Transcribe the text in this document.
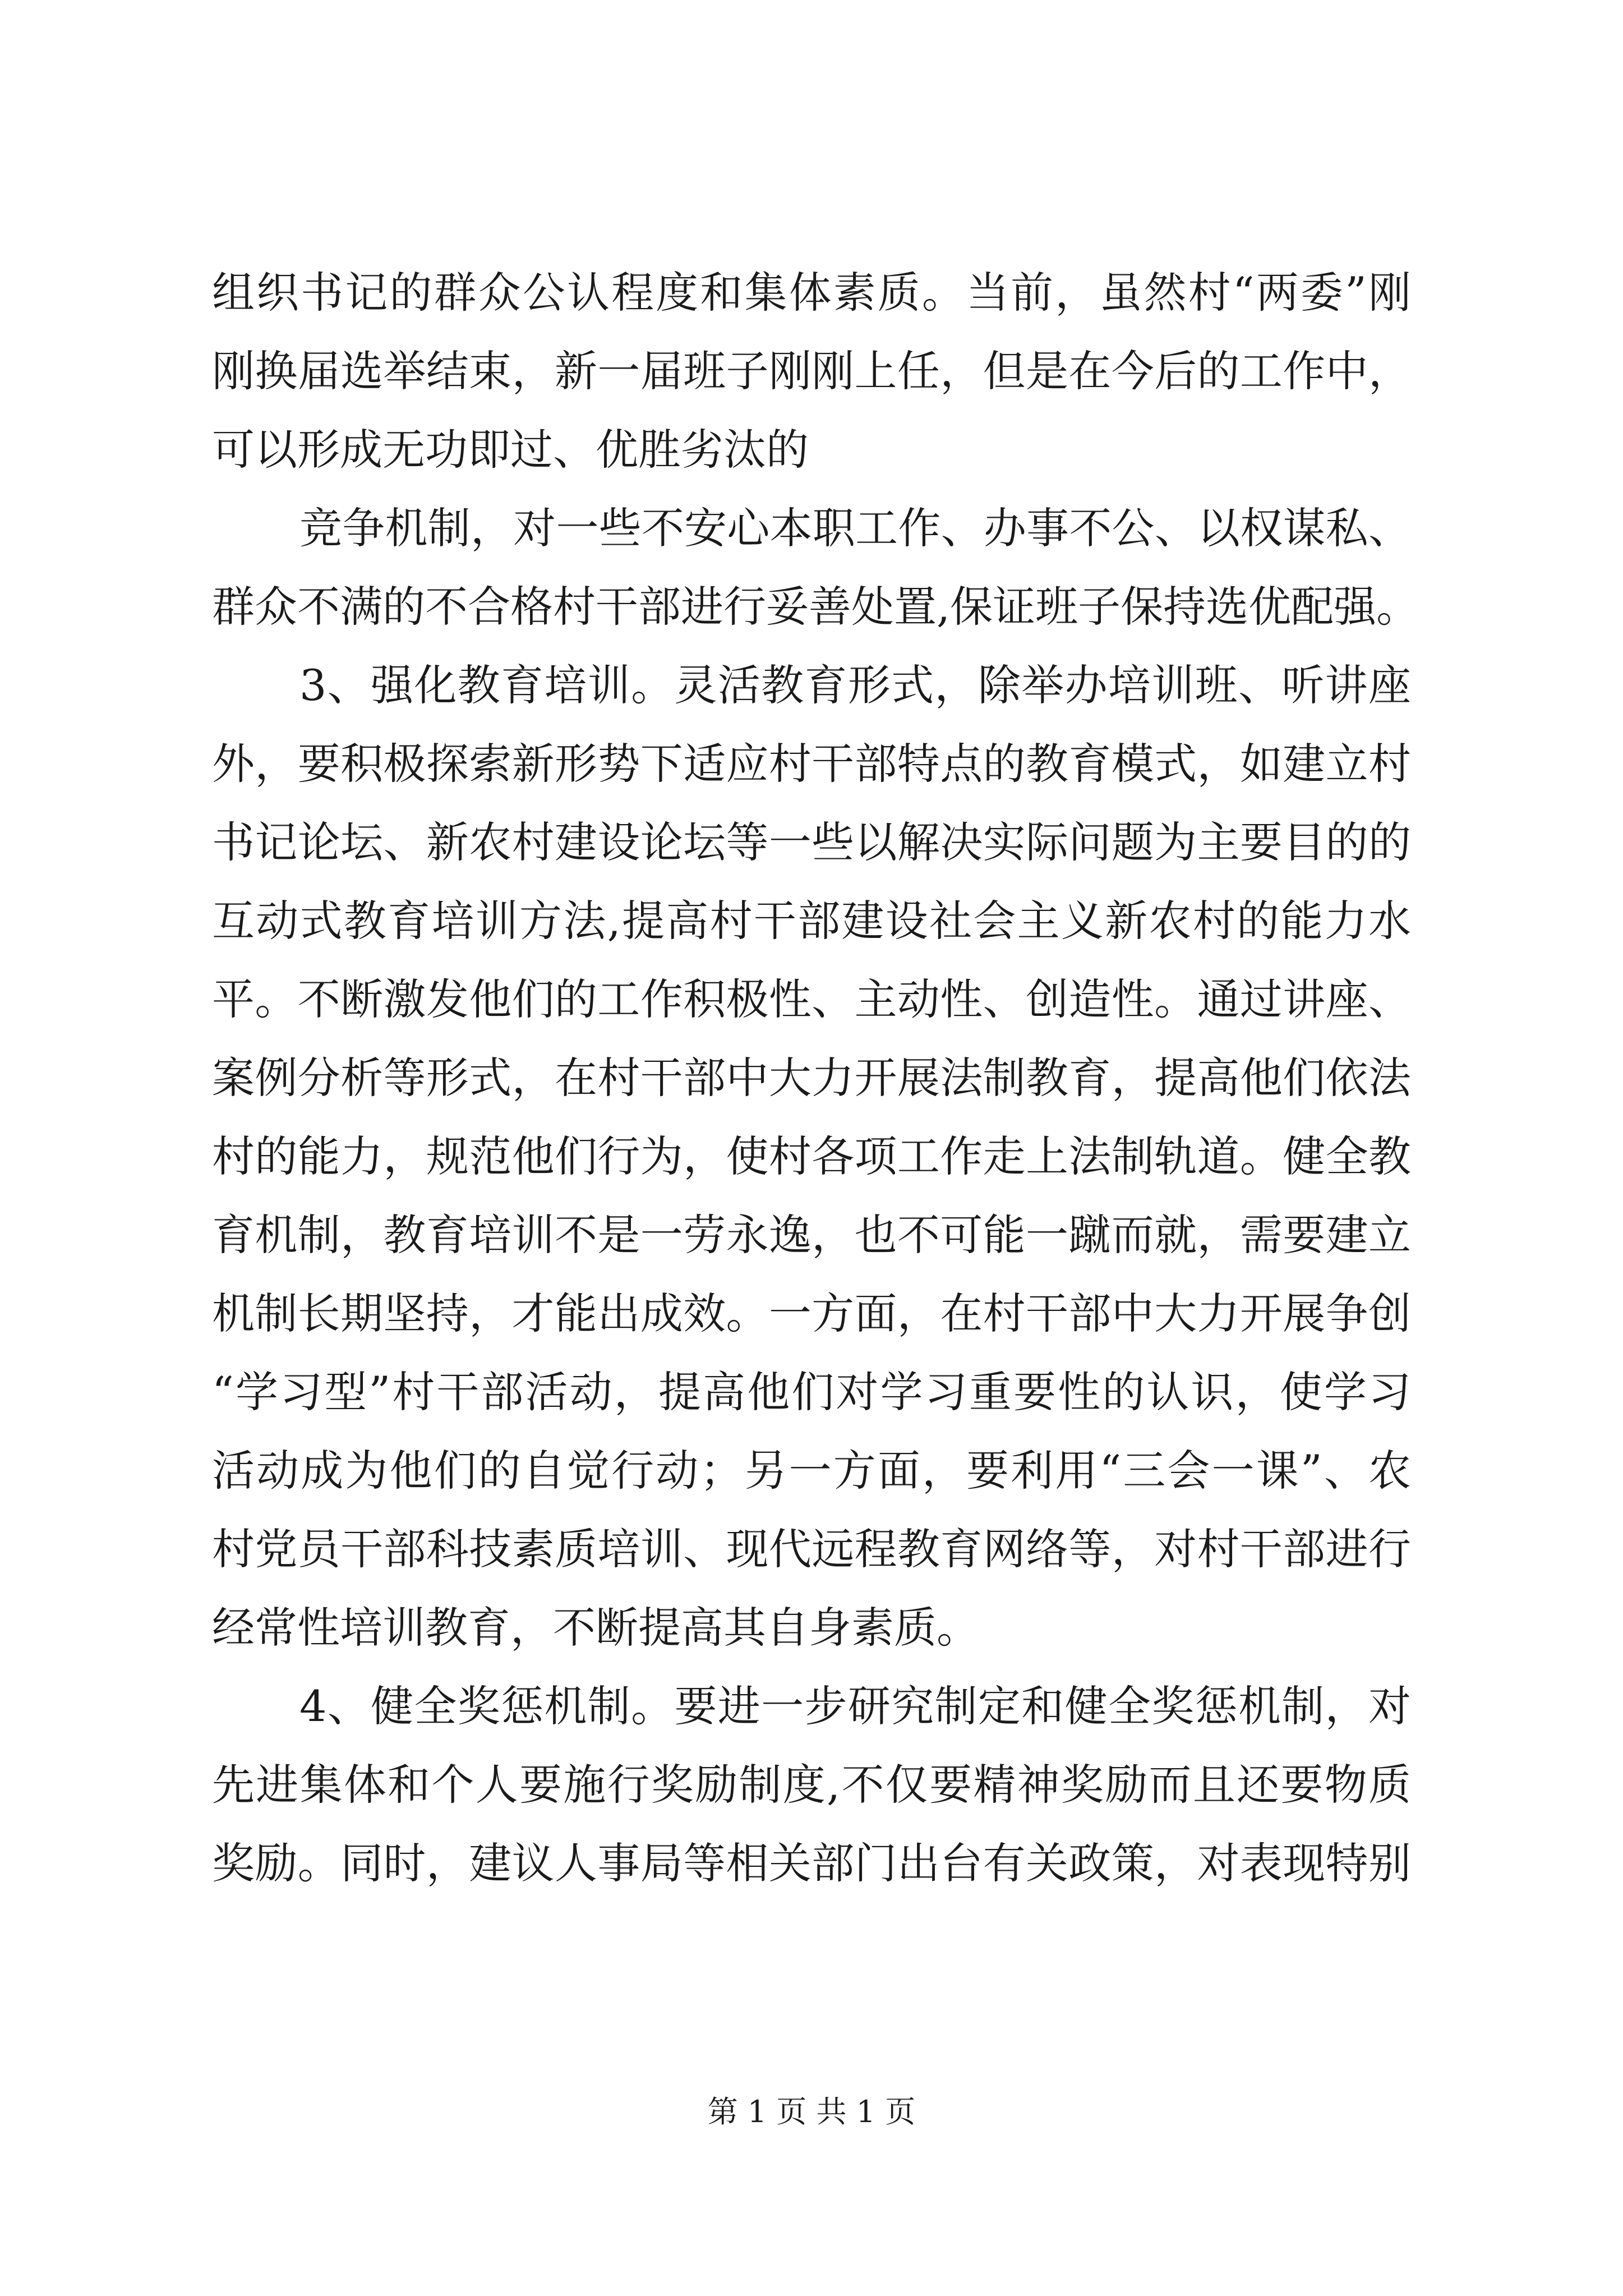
组织书记的群众公认程度和集体素质。当前，虽然村“两委”刚
刚换届选举结束，新一届班子刚刚上任，但是在今后的工作中，
可以形成无功即过、优胜劣汰的
竞争机制，对一些不安心本职工作、办事不公、以权谋私、
群众不满的不合格村干部进行妥善处置,保证班子保持选优配强。
3、强化教育培训。灵活教育形式，除举办培训班、听讲座
外，要积极探索新形势下适应村干部特点的教育模式，如建立村
书记论坛、新农村建设论坛等一些以解决实际问题为主要目的的
互动式教育培训方法,提高村干部建设社会主义新农村的能力水
平。不断激发他们的工作积极性、主动性、创造性。通过讲座、
案例分析等形式，在村干部中大力开展法制教育，提高他们依法
村的能力，规范他们行为，使村各项工作走上法制轨道。健全教
育机制，教育培训不是一劳永逸，也不可能一蹴而就，需要建立
机制长期坚持，才能出成效。一方面，在村干部中大力开展争创
“学习型”村干部活动，提高他们对学习重要性的认识，使学习
活动成为他们的自觉行动；另一方面，要利用“三会一课”、农
村党员干部科技素质培训、现代远程教育网络等，对村干部进行
经常性培训教育，不断提高其自身素质。
4、健全奖惩机制。要进一步研究制定和健全奖惩机制，对
先进集体和个人要施行奖励制度,不仅要精神奖励而且还要物质
奖励。同时，建议人事局等相关部门出台有关政策，对表现特别
第 1 页 共 1 页
